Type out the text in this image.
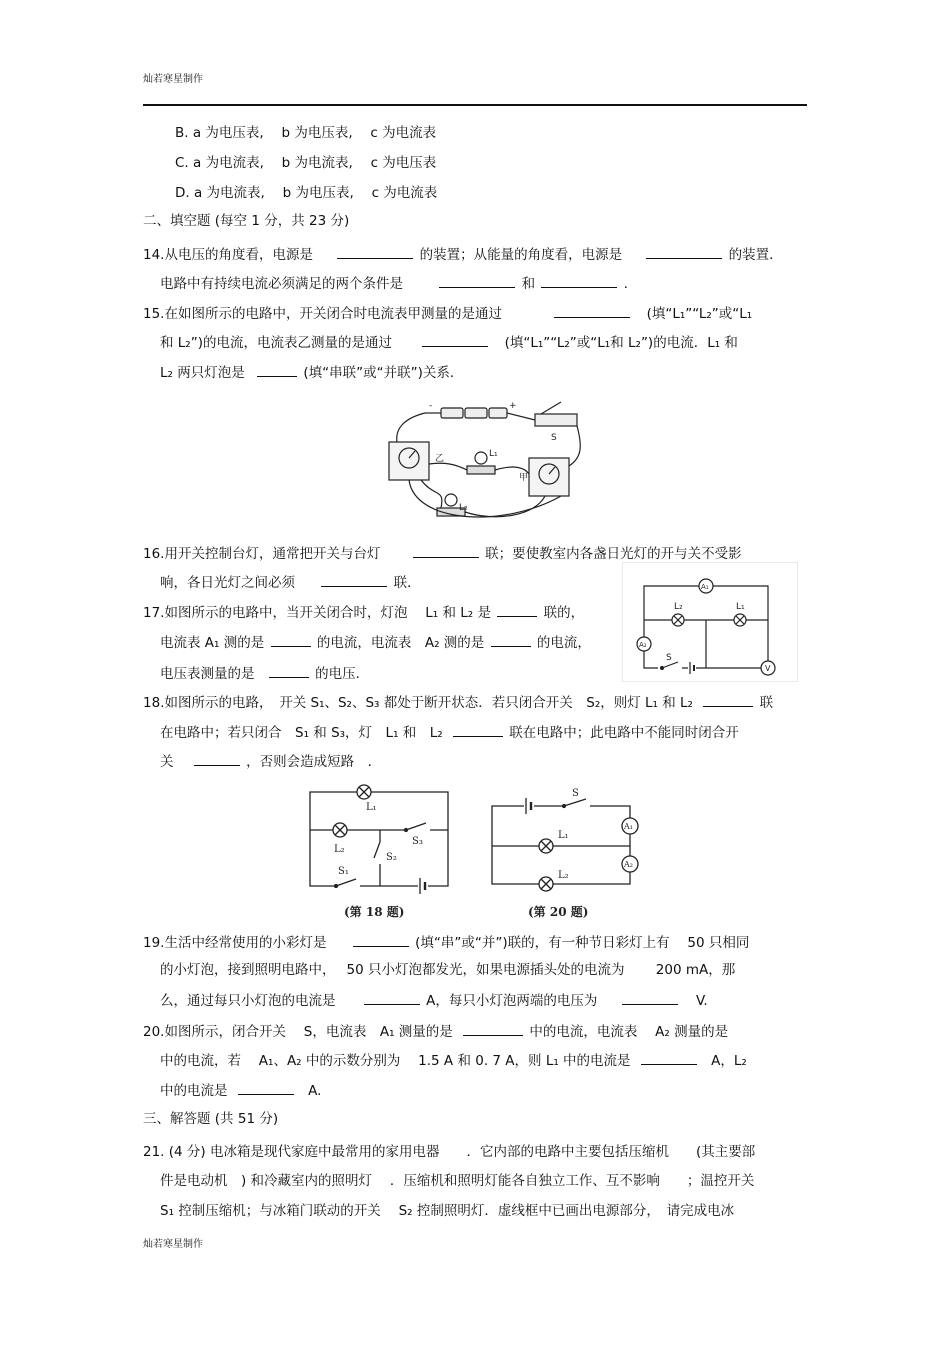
灿若寒星制作
B. a 为电压表,　 b 为电压表,　 c 为电流表
C. a 为电流表,　 b 为电流表,　 c 为电压表
D. a 为电流表,　 b 为电压表,　 c 为电流表
二、填空题 (每空 1 分，共 23 分)
14.从电压的角度看，电源是	的装置；从能量的角度看，电源是	的装置．
电路中有持续电流必须满足的两个条件是	和	．
15.在如图所示的电路中，开关闭合时电流表甲测量的是通过	(填“L₁”“L₂”或“L₁
和 L₂”)的电流，电流表乙测量的是通过	(填“L₁”“L₂”或“L₁和 L₂”)的电流．L₁ 和
L₂ 两只灯泡是	(填“串联”或“并联”)关系．
-	+
S
乙
甲
L₁
L₂
16.用开关控制台灯，通常把开关与台灯	联；要使教室内各盏日光灯的开与关不受影
响，各日光灯之间必须	联．
17.如图所示的电路中，当开关闭合时，灯泡　 L₁ 和 L₂ 是	联的，
电流表 A₁ 测的是	的电流，电流表　A₂ 测的是	的电流，
电压表测量的是	的电压．
A₁
A₂
V
L₂	L₁
S
18.如图所示的电路，　开关 S₁、S₂、S₃ 都处于断开状态．若只闭合开关　S₂，则灯 L₁ 和 L₂	联
在电路中；若只闭合　S₁ 和 S₃，灯　L₁ 和　L₂	联在电路中；此电路中不能同时闭合开
关	，否则会造成短路　．
L₁
L₂
S₃
S₂
S₁
(第 18 题)
S
L₁
L₂
A₁
A₂
(第 20 题)
19.生活中经常使用的小彩灯是	(填“串”或“并”)联的，有一种节日彩灯上有　 50 只相同
的小灯泡，接到照明电路中，　 50 只小灯泡都发光，如果电源插头处的电流为　 　200 mA，那
么，通过每只小灯泡的电流是	A，每只小灯泡两端的电压为	V.
20.如图所示，闭合开关　 S，电流表　A₁ 测量的是	中的电流，电流表　 A₂ 测量的是
中的电流，若　 A₁、A₂ 中的示数分别为　 1.5 A 和 0. 7 A，则 L₁ 中的电流是	A，L₂
中的电流是	A.
三、解答题 (共 51 分)
21. (4 分) 电冰箱是现代家庭中最常用的家用电器　　．它内部的电路中主要包括压缩机　　(其主要部
件是电动机　) 和冷藏室内的照明灯　 ．压缩机和照明灯能各自独立工作、互不影响　　；温控开关
S₁ 控制压缩机；与冰箱门联动的开关　 S₂ 控制照明灯．虚线框中已画出电源部分，　请完成电冰
灿若寒星制作
